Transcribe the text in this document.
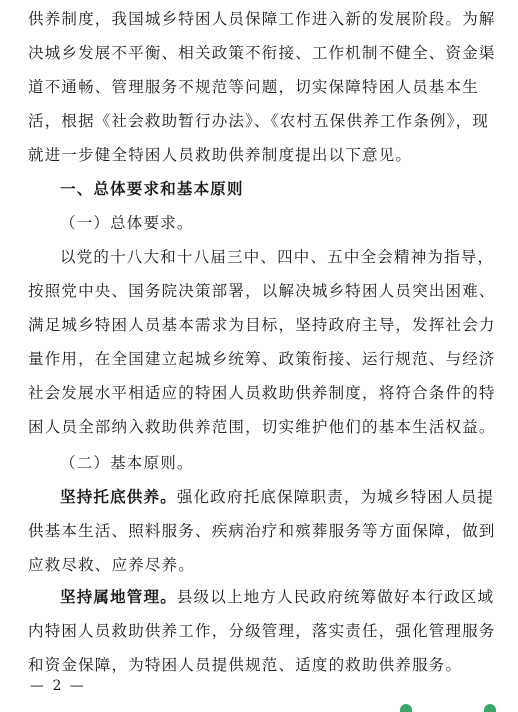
供养制度，我国城乡特困人员保障工作进入新的发展阶段。为解
决城乡发展不平衡、相关政策不衔接、工作机制不健全、资金渠
道不通畅、管理服务不规范等问题，切实保障特困人员基本生
活，根据《社会救助暂行办法》、《农村五保供养工作条例》，现
就进一步健全特困人员救助供养制度提出以下意见。
一、总体要求和基本原则
（一）总体要求。
以党的十八大和十八届三中、四中、五中全会精神为指导，
按照党中央、国务院决策部署，以解决城乡特困人员突出困难、
满足城乡特困人员基本需求为目标，坚持政府主导，发挥社会力
量作用，在全国建立起城乡统筹、政策衔接、运行规范、与经济
社会发展水平相适应的特困人员救助供养制度，将符合条件的特
困人员全部纳入救助供养范围，切实维护他们的基本生活权益。
（二）基本原则。
坚持托底供养。强化政府托底保障职责，为城乡特困人员提
供基本生活、照料服务、疾病治疗和殡葬服务等方面保障，做到
应救尽救、应养尽养。
坚持属地管理。县级以上地方人民政府统筹做好本行政区域
内特困人员救助供养工作，分级管理，落实责任，强化管理服务
和资金保障，为特困人员提供规范、适度的救助供养服务。
— 2 —
